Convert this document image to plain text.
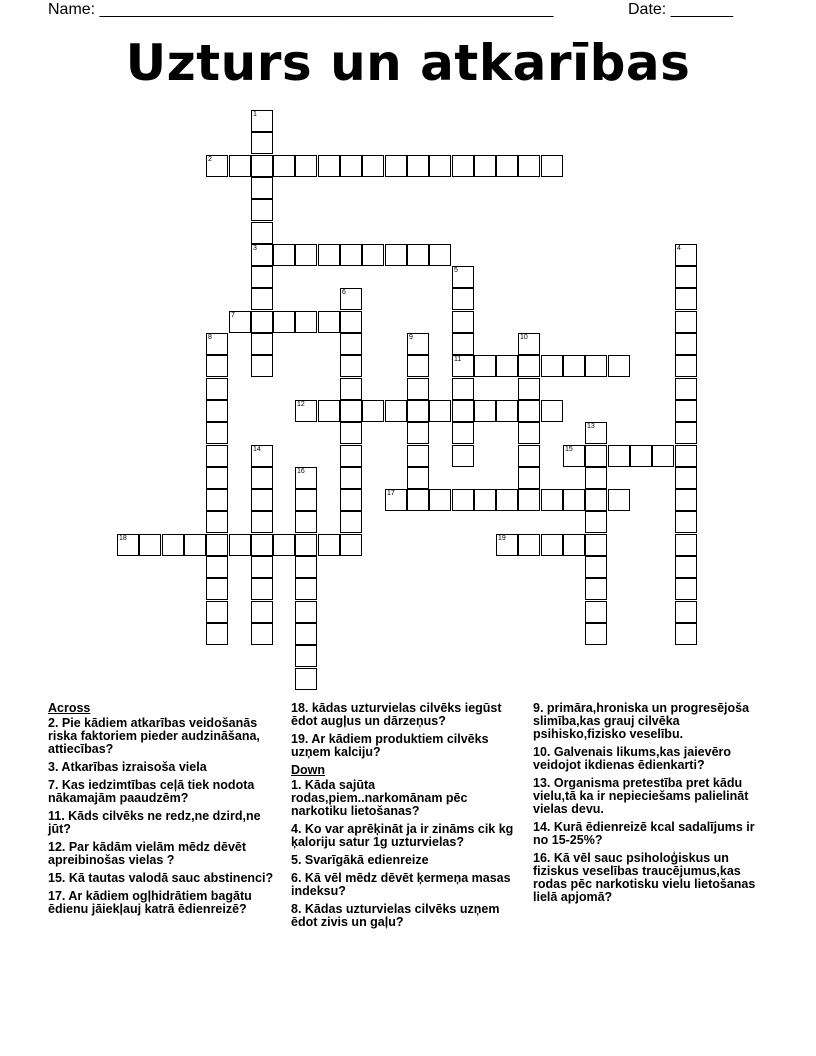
Name: ___________________________________________________	Date: _______
Uzturs un atkarības
1
3
2
4
5
11
6
7
8	9	10
12
13
14	15
16
17
18	19
Across
2. Pie kādiem atkarības veidošanās riska faktoriem pieder audzināšana, attiecības?
3. Atkarības izraisoša viela
7. Kas iedzimtības ceļā tiek nodota nākamajām paaudzēm?
11. Kāds cilvēks ne redz,ne dzird,ne jūt?
12. Par kādām vielām mēdz dēvēt apreibinošas vielas ?
15. Kā tautas valodā sauc abstinenci?
17. Ar kādiem ogļhidrātiem bagātu ēdienu jāiekļauj katrā ēdienreizē?
18. kādas uzturvielas cilvēks iegūst ēdot augļus un dārzeņus?
19. Ar kādiem produktiem cilvēks uzņem kalciju?
Down
1. Kāda sajūta rodas,piem..narkomānam pēc narkotiku lietošanas?
4. Ko var aprēķināt ja ir zināms cik kg ķaloriju satur 1g uzturvielas?
5. Svarīgākā edienreize
6. Kā vēl mēdz dēvēt ķermeņa masas indeksu?
8. Kādas uzturvielas cilvēks uzņem ēdot zivis un gaļu?
9. primāra,hroniska un progresējoša slimība,kas grauj cilvēka psihisko,fizisko veselību.
10. Galvenais likums,kas jaievēro veidojot ikdienas ēdienkarti?
13. Organisma pretestība pret kādu vielu,tā ka ir nepieciešams palielināt vielas devu.
14. Kurā ēdienreizē kcal sadalījums ir no 15-25%?
16. Kā vēl sauc psiholoģiskus un fiziskus veselības traucējumus,kas rodas pēc narkotisku vielu lietošanas lielā apjomā?
